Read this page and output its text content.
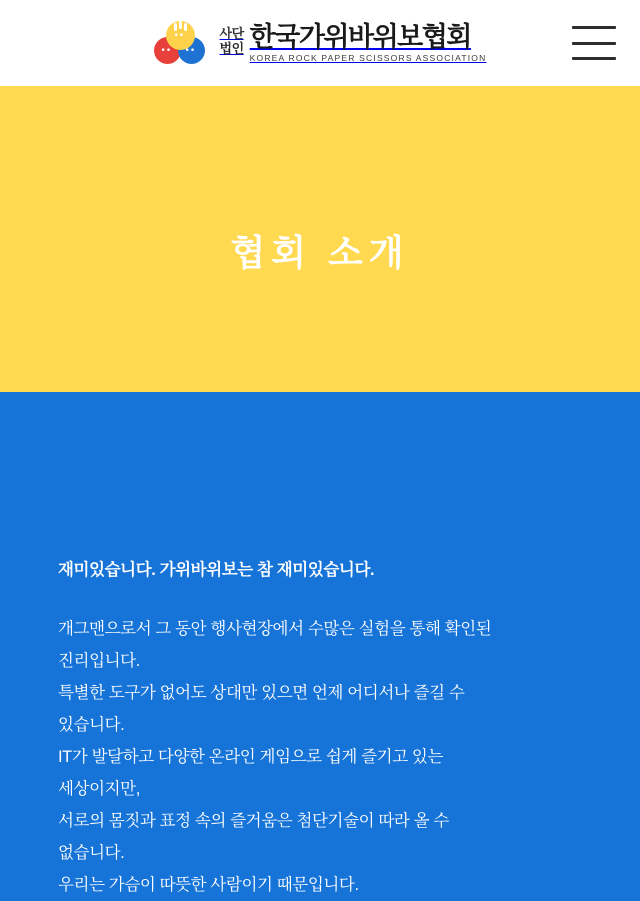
•• ••
••	사단
법인 한국가위바위보협회
KOREA ROCK PAPER SCISSORS ASSOCIATION
협회 소개

재미있습니다. 가위바위보는 참 재미있습니다.

개그맨으로서 그 동안 행사현장에서 수많은 실험을 통해 확인된
진리입니다.
특별한 도구가 없어도 상대만 있으면 언제 어디서나 즐길 수
있습니다.
IT가 발달하고 다양한 온라인 게임으로 쉽게 즐기고 있는
세상이지만,
서로의 몸짓과 표정 속의 즐거움은 첨단기술이 따라 올 수
없습니다.
우리는 가슴이 따뜻한 사람이기 때문입니다.
